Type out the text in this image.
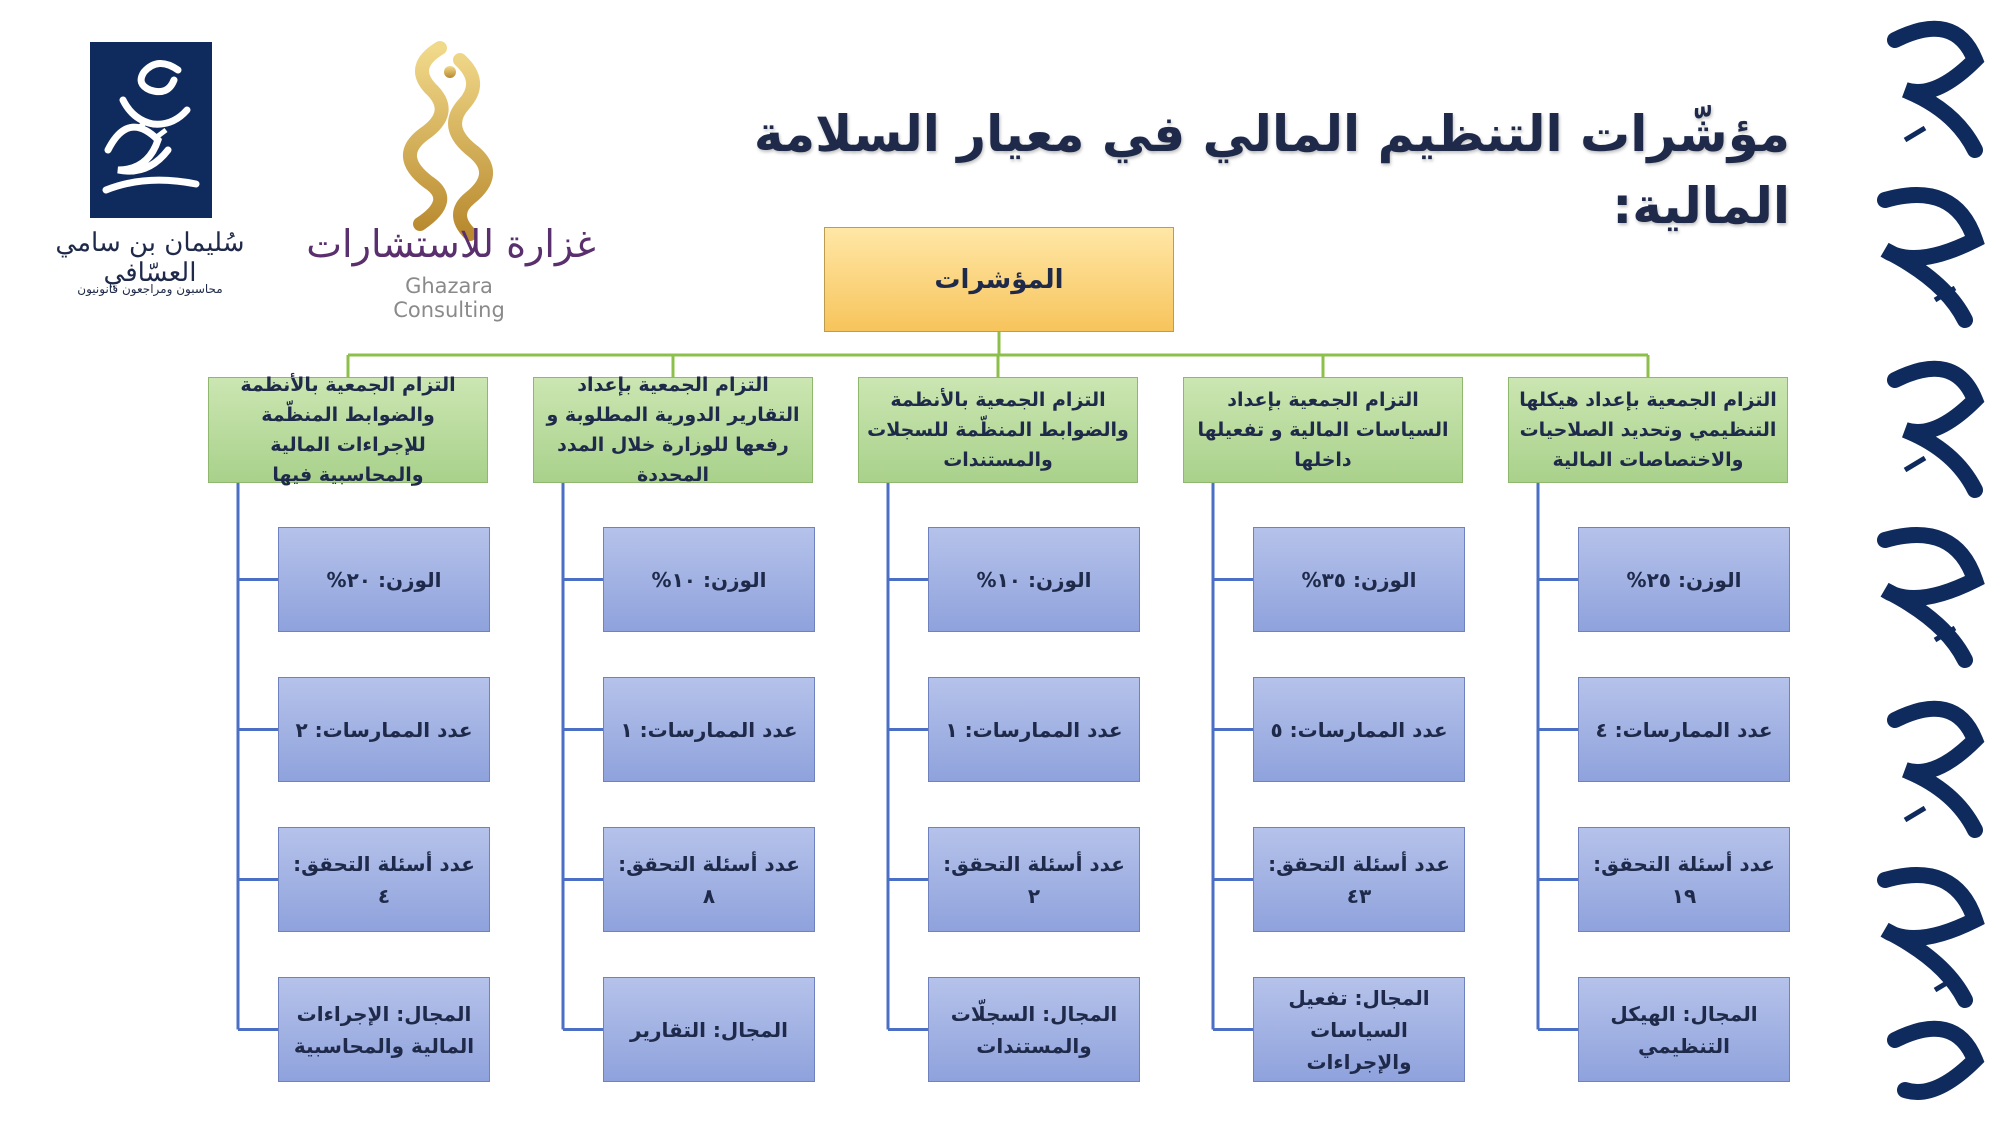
مؤشّرات التنظيم المالي في معيار السلامة المالية:
سُليمان بن سامي العسّافي
محاسبون ومراجعون قانونيون
غزارة للاستشارات
Ghazara Consulting
المؤشرات
التزام الجمعية بإعداد هيكلها التنظيمي وتحديد الصلاحيات والاختصاصات المالية
الوزن: ٢٥%
عدد الممارسات: ٤
عدد أسئلة التحقق: ١٩
المجال: الهيكل التنظيمي
التزام الجمعية بإعداد السياسات المالية و تفعيلها داخلها
الوزن: ٣٥%
عدد الممارسات: ٥
عدد أسئلة التحقق: ٤٣
المجال: تفعيل السياسات والإجراءات
التزام الجمعية بالأنظمة والضوابط المنظّمة للسجلات والمستندات
الوزن: ١٠%
عدد الممارسات: ١
عدد أسئلة التحقق: ٢
المجال: السجلّات والمستندات
التزام الجمعية بإعداد التقارير الدورية المطلوبة و رفعها للوزارة خلال المدد المحددة
الوزن: ١٠%
عدد الممارسات: ١
عدد أسئلة التحقق: ٨
المجال: التقارير
التزام الجمعية بالأنظمة والضوابط المنظّمة للإجراءات المالية والمحاسبية فيها
الوزن: ٢٠%
عدد الممارسات: ٢
عدد أسئلة التحقق: ٤
المجال: الإجراءات المالية والمحاسبية
